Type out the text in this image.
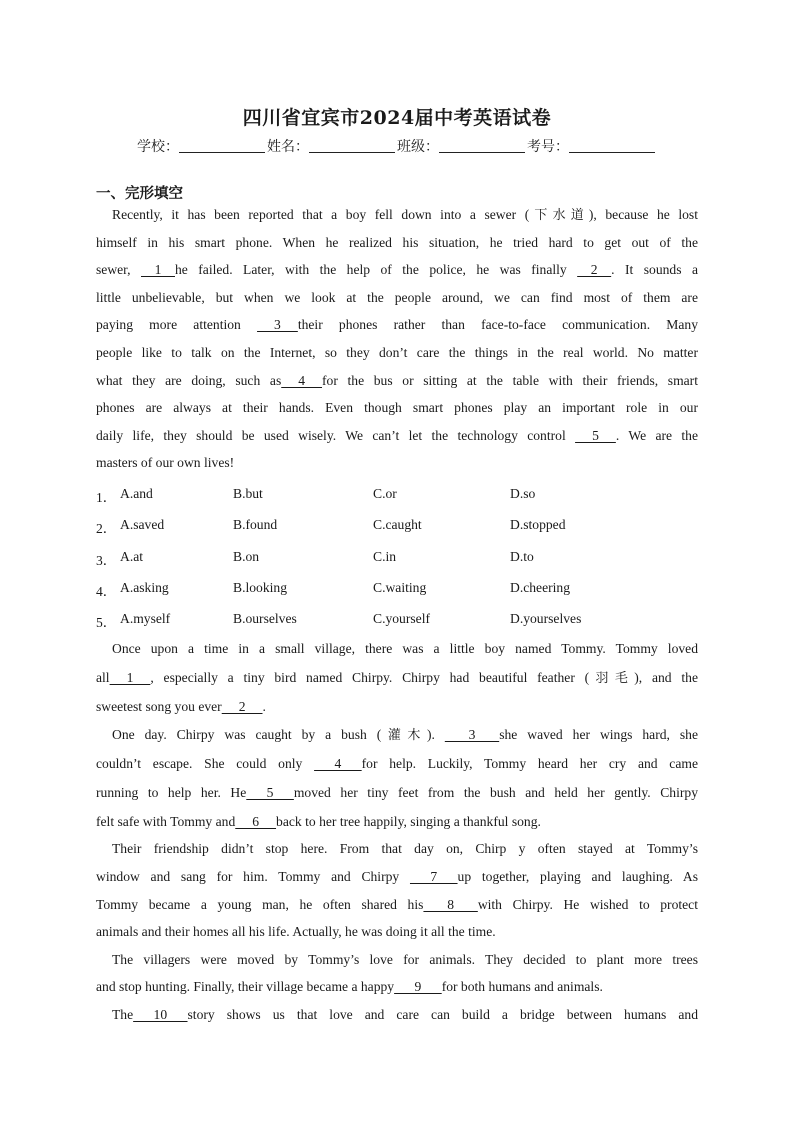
四川省宜宾市2024届中考英语试卷
学校：	姓名：	班级：	考号：
一、完形填空
Recently, it has been reported that a boy fell down into a sewer (下水道), because he lost
himself in his smart phone. When he realized his situation, he tried hard to get out of the
sewer,     1    he failed. Later, with the help of the police, he was finally     2    . It sounds a
little unbelievable, but when we look at the people around, we can find most of them are
paying more attention      3     their phones rather than face-to-face communication. Many
people like to talk on the Internet, so they don’t care the things in the real world. No matter
what they are doing, such as     4     for the bus or sitting at the table with their friends, smart
phones are always at their hands. Even though smart phones play an important role in our
daily life, they should be used wisely. We can’t let the technology control      5     . We are the
masters of our own lives!
1． A.and	B.but	C.or	D.so
2． A.saved	B.found	C.caught	D.stopped
3． A.at	B.on	C.in	D.to
4． A.asking	B.looking	C.waiting	D.cheering
5． A.myself	B.ourselves	C.yourself	D.yourselves
Once upon a time in a small village, there was a little boy named Tommy. Tommy loved
all     1     , especially a tiny bird named Chirpy. Chirpy had beautiful feather (羽毛), and the
sweetest song you ever     2     .
One day. Chirpy was caught by a bush (灌木).        3       she waved her wings hard, she
couldn’t escape. She could only       4      for help. Luckily, Tommy heard her cry and came
running to help her. He      5      moved her tiny feet from the bush and held her gently. Chirpy
felt safe with Tommy and     6     back to her tree happily, singing a thankful song.
Their friendship didn’t stop here. From that day on, Chirp y often stayed at Tommy’s
window and sang for him. Tommy and Chirpy       7      up together, playing and laughing. As
Tommy became a young man, he often shared his       8       with Chirpy. He wished to protect
animals and their homes all his life. Actually, he was doing it all the time.
The villagers were moved by Tommy’s love for animals. They decided to plant more trees
and stop hunting. Finally, their village became a happy      9      for both humans and animals.
The      10      story shows us that love and care can build a bridge between humans and
